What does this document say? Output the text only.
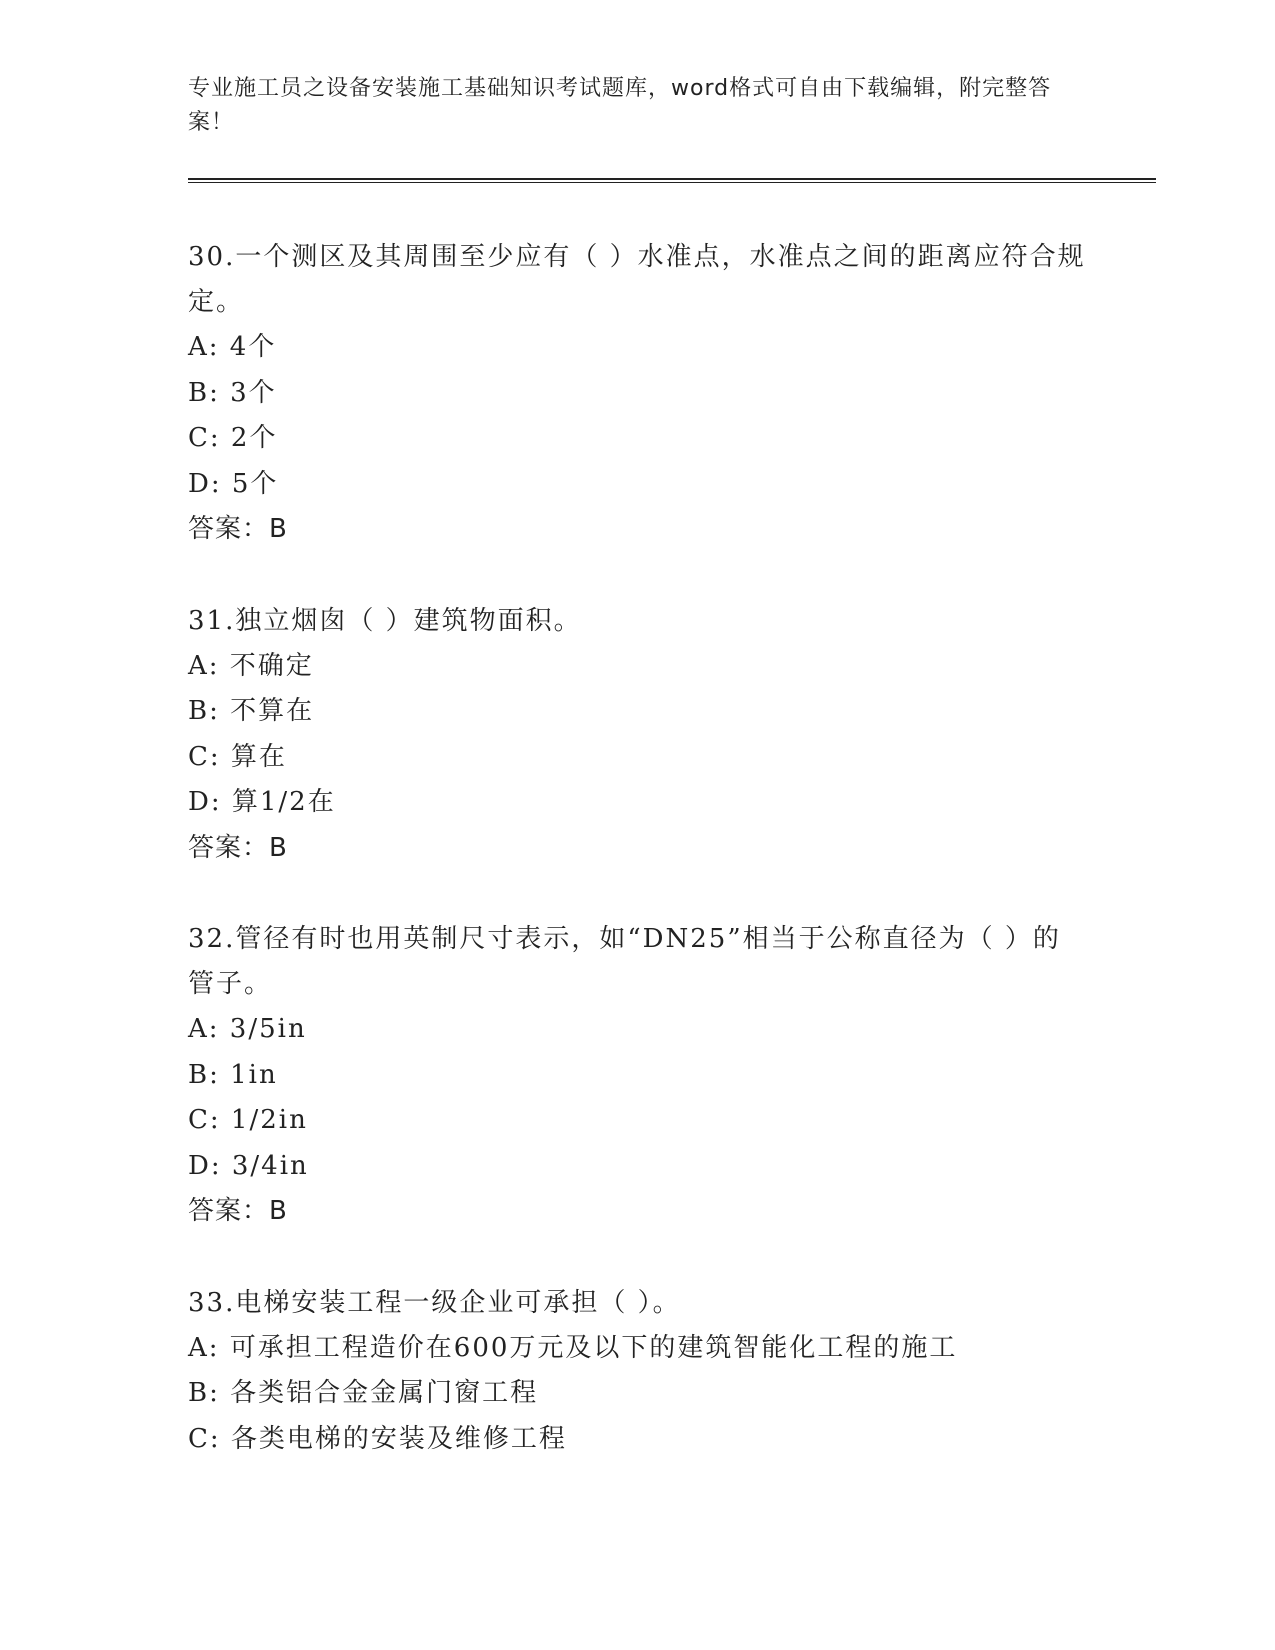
专业施工员之设备安装施工基础知识考试题库，word格式可自由下载编辑，附完整答案！
30.一个测区及其周围至少应有（ ）水准点，水准点之间的距离应符合规定。
A: 4个
B: 3个
C: 2个
D: 5个
答案：B
31.独立烟囱（ ）建筑物面积。
A: 不确定
B: 不算在
C: 算在
D: 算1/2在
答案：B
32.管径有时也用英制尺寸表示，如“DN25”相当于公称直径为（ ）的管子。
A: 3/5in
B: 1in
C: 1/2in
D: 3/4in
答案：B
33.电梯安装工程一级企业可承担（ ）。
A: 可承担工程造价在600万元及以下的建筑智能化工程的施工
B: 各类铝合金金属门窗工程
C: 各类电梯的安装及维修工程
